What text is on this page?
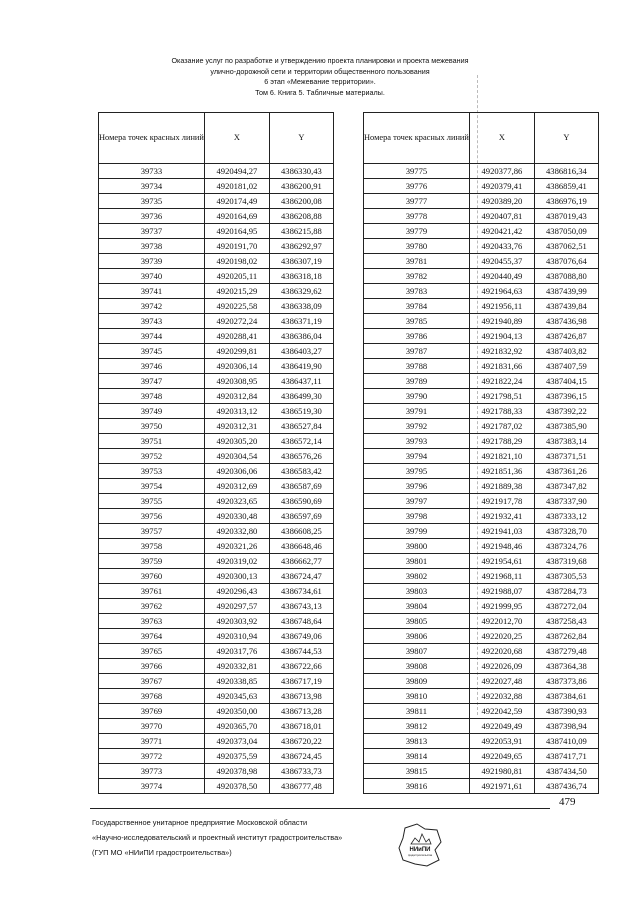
Оказание услуг по разработке и утверждению проекта планировки и проекта межевания
улично-дорожной сети и территории общественного пользования
6 этап «Межевание территории».
Том 6. Книга 5. Табличные материалы.
Номера точек красных линий	X	Y
39733	4920494,27	4386330,43
39734	4920181,02	4386200,91
39735	4920174,49	4386200,08
39736	4920164,69	4386208,88
39737	4920164,95	4386215,88
39738	4920191,70	4386292,97
39739	4920198,02	4386307,19
39740	4920205,11	4386318,18
39741	4920215,29	4386329,62
39742	4920225,58	4386338,09
39743	4920272,24	4386371,19
39744	4920288,41	4386386,04
39745	4920299,81	4386403,27
39746	4920306,14	4386419,90
39747	4920308,95	4386437,11
39748	4920312,84	4386499,30
39749	4920313,12	4386519,30
39750	4920312,31	4386527,84
39751	4920305,20	4386572,14
39752	4920304,54	4386576,26
39753	4920306,06	4386583,42
39754	4920312,69	4386587,69
39755	4920323,65	4386590,69
39756	4920330,48	4386597,69
39757	4920332,80	4386608,25
39758	4920321,26	4386648,46
39759	4920319,02	4386662,77
39760	4920300,13	4386724,47
39761	4920296,43	4386734,61
39762	4920297,57	4386743,13
39763	4920303,92	4386748,64
39764	4920310,94	4386749,06
39765	4920317,76	4386744,53
39766	4920332,81	4386722,66
39767	4920338,85	4386717,19
39768	4920345,63	4386713,98
39769	4920350,00	4386713,28
39770	4920365,70	4386718,01
39771	4920373,04	4386720,22
39772	4920375,59	4386724,45
39773	4920378,98	4386733,73
39774	4920378,50	4386777,48
Номера точек красных линий	X	Y
39775	4920377,86	4386816,34
39776	4920379,41	4386859,41
39777	4920389,20	4386976,19
39778	4920407,81	4387019,43
39779	4920421,42	4387050,09
39780	4920433,76	4387062,51
39781	4920455,37	4387076,64
39782	4920440,49	4387088,80
39783	4921964,63	4387439,99
39784	4921956,11	4387439,84
39785	4921940,89	4387436,98
39786	4921904,13	4387426,87
39787	4921832,92	4387403,82
39788	4921831,66	4387407,59
39789	4921822,24	4387404,15
39790	4921798,51	4387396,15
39791	4921788,33	4387392,22
39792	4921787,02	4387385,90
39793	4921788,29	4387383,14
39794	4921821,10	4387371,51
39795	4921851,36	4387361,26
39796	4921889,38	4387347,82
39797	4921917,78	4387337,90
39798	4921932,41	4387333,12
39799	4921941,03	4387328,70
39800	4921948,46	4387324,76
39801	4921954,61	4387319,68
39802	4921968,11	4387305,53
39803	4921988,07	4387284,73
39804	4921999,95	4387272,04
39805	4922012,70	4387258,43
39806	4922020,25	4387262,84
39807	4922020,68	4387279,48
39808	4922026,09	4387364,38
39809	4922027,48	4387373,86
39810	4922032,88	4387384,61
39811	4922042,59	4387390,93
39812	4922049,49	4387398,94
39813	4922053,91	4387410,09
39814	4922049,65	4387417,71
39815	4921980,81	4387434,50
39816	4921971,61	4387436,74
479
Государственное унитарное предприятие Московской области
«Научно-исследовательский и проектный институт градостроительства»
(ГУП МО «НИиПИ градостроительства»)	НИиПИ
градостроительства
